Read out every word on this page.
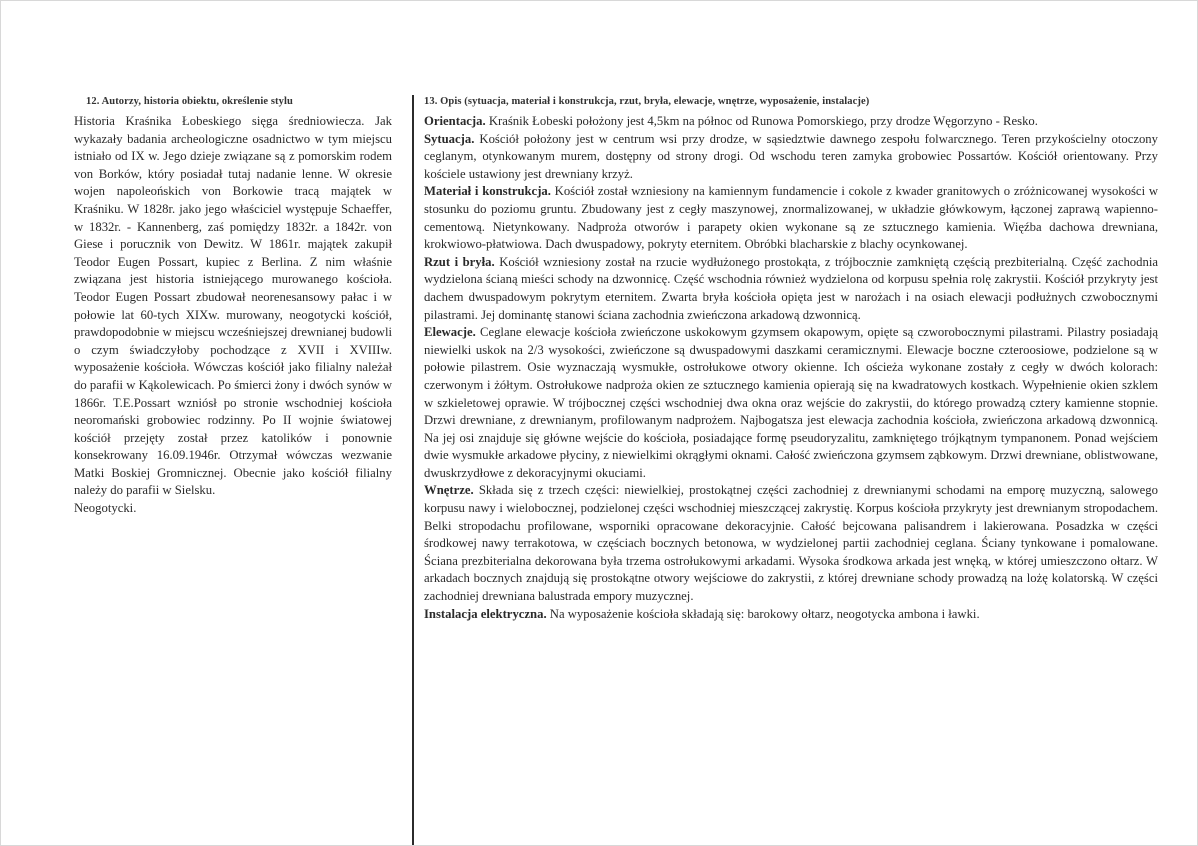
12. Autorzy, historia obiektu, określenie stylu

Historia Kraśnika Łobeskiego sięga średniowiecza. Jak wykazały badania archeologiczne osadnictwo w tym miejscu istniało od IX w. Jego dzieje związane są z pomorskim rodem von Borków, który posiadał tutaj nadanie lenne. W okresie wojen napoleońskich von Borkowie tracą majątek w Kraśniku. W 1828r. jako jego właściciel występuje Schaeffer, w 1832r. - Kannenberg, zaś pomiędzy 1832r. a 1842r. von Giese i porucznik von Dewitz. W 1861r. majątek zakupił Teodor Eugen Possart, kupiec z Berlina. Z nim właśnie związana jest historia istniejącego murowanego kościoła. Teodor Eugen Possart zbudował neorenesansowy pałac i w połowie lat 60-tych XIXw. murowany, neogotycki kościół, prawdopodobnie w miejscu wcześniejszej drewnianej budowli o czym świadczyłoby pochodzące z XVII i XVIIIw. wyposażenie kościoła. Wówczas kościół jako filialny należał do parafii w Kąkolewicach. Po śmierci żony i dwóch synów w 1866r. T.E.Possart wzniósł po stronie wschodniej kościoła neoromański grobowiec rodzinny. Po II wojnie światowej kościół przejęty został przez katolików i ponownie konsekrowany 16.09.1946r. Otrzymał wówczas wezwanie Matki Boskiej Gromnicznej. Obecnie jako kościół filialny należy do parafii w Sielsku.

Neogotycki.

13. Opis (sytuacja, materiał i konstrukcja, rzut, bryła, elewacje, wnętrze, wyposażenie, instalacje)

Orientacja. Kraśnik Łobeski położony jest 4,5km na północ od Runowa Pomorskiego, przy drodze Węgorzyno - Resko.

Sytuacja. Kościół położony jest w centrum wsi przy drodze, w sąsiedztwie dawnego zespołu folwarcznego. Teren przykościelny otoczony ceglanym, otynkowanym murem, dostępny od strony drogi. Od wschodu teren zamyka grobowiec Possartów. Kościół orientowany. Przy kościele ustawiony jest drewniany krzyż.

Materiał i konstrukcja. Kościół został wzniesiony na kamiennym fundamencie i cokole z kwader granitowych o zróżnicowanej wysokości w stosunku do poziomu gruntu. Zbudowany jest z cegły maszynowej, znormalizowanej, w układzie główkowym, łączonej zaprawą wapienno-cementową. Nietynkowany. Nadproża otworów i parapety okien wykonane są ze sztucznego kamienia. Więźba dachowa drewniana, krokwiowo-płatwiowa. Dach dwuspadowy, pokryty eternitem. Obróbki blacharskie z blachy ocynkowanej.

Rzut i bryła. Kościół wzniesiony został na rzucie wydłużonego prostokąta, z trójbocznie zamkniętą częścią prezbiterialną. Część zachodnia wydzielona ścianą mieści schody na dzwonnicę. Część wschodnia również wydzielona od korpusu spełnia rolę zakrystii. Kościół przykryty jest dachem dwuspadowym pokrytym eternitem. Zwarta bryła kościoła opięta jest w narożach i na osiach elewacji podłużnych czwobocznymi pilastrami. Jej dominantę stanowi ściana zachodnia zwieńczona arkadową dzwonnicą.

Elewacje. Ceglane elewacje kościoła zwieńczone uskokowym gzymsem okapowym, opięte są czworobocznymi pilastrami. Pilastry posiadają niewielki uskok na 2/3 wysokości, zwieńczone są dwuspadowymi daszkami ceramicznymi. Elewacje boczne czteroosiowe, podzielone są w połowie pilastrem. Osie wyznaczają wysmukłe, ostrołukowe otwory okienne. Ich ościeża wykonane zostały z cegły w dwóch kolorach: czerwonym i żółtym. Ostrołukowe nadproża okien ze sztucznego kamienia opierają się na kwadratowych kostkach. Wypełnienie okien szklem w szkieletowej oprawie. W trójbocznej części wschodniej dwa okna oraz wejście do zakrystii, do którego prowadzą cztery kamienne stopnie. Drzwi drewniane, z drewnianym, profilowanym nadprożem. Najbogatsza jest elewacja zachodnia kościoła, zwieńczona arkadową dzwonnicą. Na jej osi znajduje się główne wejście do kościoła, posiadające formę pseudoryzalitu, zamkniętego trójkątnym tympanonem. Ponad wejściem dwie wysmukłe arkadowe płyciny, z niewielkimi okrągłymi oknami. Całość zwieńczona gzymsem ząbkowym. Drzwi drewniane, oblistwowane, dwuskrzydłowe z dekoracyjnymi okuciami.

Wnętrze. Składa się z trzech części: niewielkiej, prostokątnej części zachodniej z drewnianymi schodami na emporę muzyczną, salowego korpusu nawy i wielobocznej, podzielonej części wschodniej mieszczącej zakrystię. Korpus kościoła przykryty jest drewnianym stropodachem. Belki stropodachu profilowane, wsporniki opracowane dekoracyjnie. Całość bejcowana palisandrem i lakierowana. Posadzka w części środkowej nawy terrakotowa, w częściach bocznych betonowa, w wydzielonej partii zachodniej ceglana. Ściany tynkowane i pomalowane. Ściana prezbiterialna dekorowana była trzema ostrołukowymi arkadami. Wysoka środkowa arkada jest wnęką, w której umieszczono ołtarz. W arkadach bocznych znajdują się prostokątne otwory wejściowe do zakrystii, z której drewniane schody prowadzą na lożę kolatorską. W części zachodniej drewniana balustrada empory muzycznej.

Instalacja elektryczna. Na wyposażenie kościoła składają się: barokowy ołtarz, neogotycka ambona i ławki.
